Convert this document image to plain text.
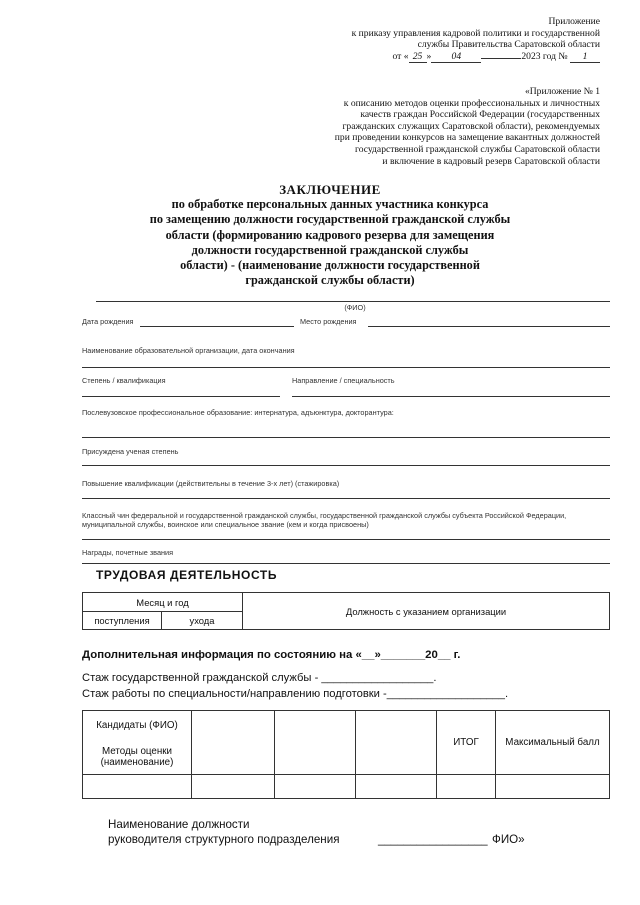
Приложение
к приказу управления кадровой политики и государственной
службы Правительства Саратовской области
от « 25 » 04	2023 год № 1
«Приложение № 1
к описанию методов оценки профессиональных и личностных
качеств граждан Российской Федерации (государственных
гражданских служащих Саратовской области), рекомендуемых
при проведении конкурсов на замещение вакантных должностей
государственной гражданской службы Саратовской области
и включение в кадровый резерв Саратовской области
ЗАКЛЮЧЕНИЕ
по обработке персональных данных участника конкурса
по замещению должности государственной гражданской службы
области (формированию кадрового резерва для замещения
должности государственной гражданской службы
области) - (наименование должности государственной
гражданской службы области)
(ФИО)
Дата рождения	Место рождения
Наименование образовательной организации, дата окончания
Степень / квалификация	Направление / специальность
Послевузовское профессиональное образование: интернатура, адъюнктура, докторантура:
Присуждена ученая степень
Повышение квалификации (действительны в течение 3-х лет) (стажировка)
Классный чин федеральной и государственной гражданской службы, государственной гражданской службы субъекта Российской Федерации,
муниципальной службы, воинское или специальное звание (кем и когда присвоены)
Награды, почетные звания
ТРУДОВАЯ ДЕЯТЕЛЬНОСТЬ
Месяц и год		Должность с указанием организации
поступления	ухода	
Дополнительная информация по состоянию на «__»_______20__ г.
Стаж государственной гражданской службы - __________________.
Стаж работы по специальности/направлению подготовки -___________________.
Кандидаты (ФИО)				ИТОГ	Максимальный балл
Методы оценки (наименование)					

Наименование должности
руководителя структурного подразделения	_________________ ФИО»
